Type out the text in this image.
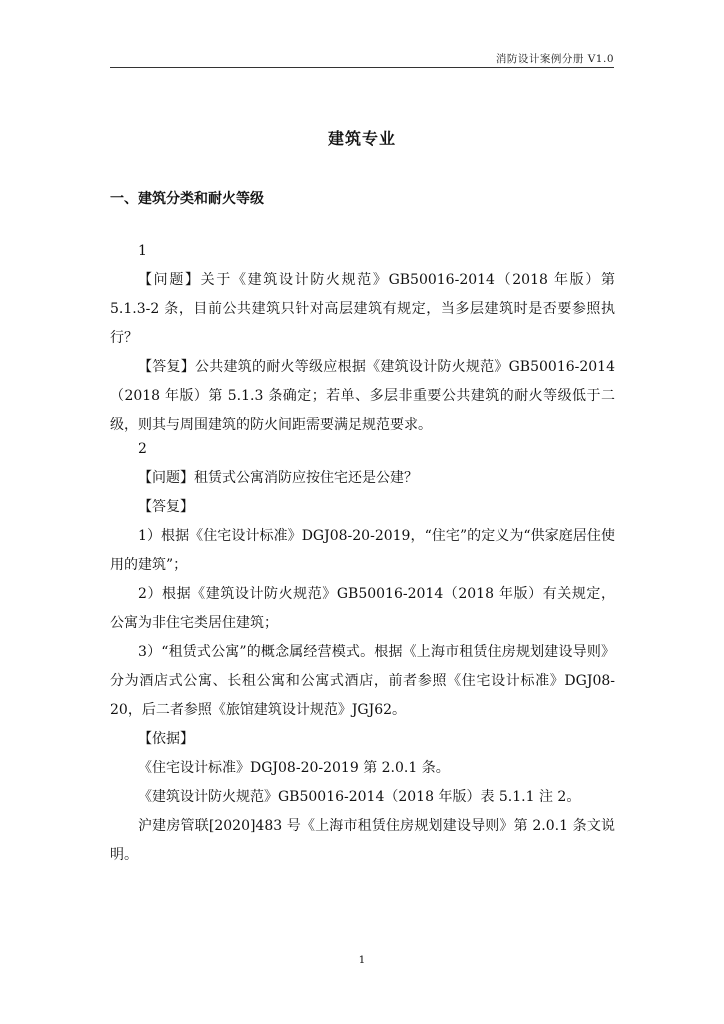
消防设计案例分册 V1.0
建筑专业
一、建筑分类和耐火等级

1

【问题】关于《建筑设计防火规范》GB50016-2014（2018 年版）第 5.1.3-2 条，目前公共建筑只针对高层建筑有规定，当多层建筑时是否要参照执行？

【答复】公共建筑的耐火等级应根据《建筑设计防火规范》GB50016-2014（2018 年版）第 5.1.3 条确定；若单、多层非重要公共建筑的耐火等级低于二级，则其与周围建筑的防火间距需要满足规范要求。

2

【问题】租赁式公寓消防应按住宅还是公建？

【答复】

1）根据《住宅设计标准》DGJ08-20-2019，“住宅”的定义为“供家庭居住使用的建筑”；

2）根据《建筑设计防火规范》GB50016-2014（2018 年版）有关规定，公寓为非住宅类居住建筑；

3）“租赁式公寓”的概念属经营模式。根据《上海市租赁住房规划建设导则》分为酒店式公寓、长租公寓和公寓式酒店，前者参照《住宅设计标准》DGJ08-20，后二者参照《旅馆建筑设计规范》JGJ62。

【依据】

《住宅设计标准》DGJ08-20-2019 第 2.0.1 条。

《建筑设计防火规范》GB50016-2014（2018 年版）表 5.1.1 注 2。

沪建房管联[2020]483 号《上海市租赁住房规划建设导则》第 2.0.1 条文说明。

1
